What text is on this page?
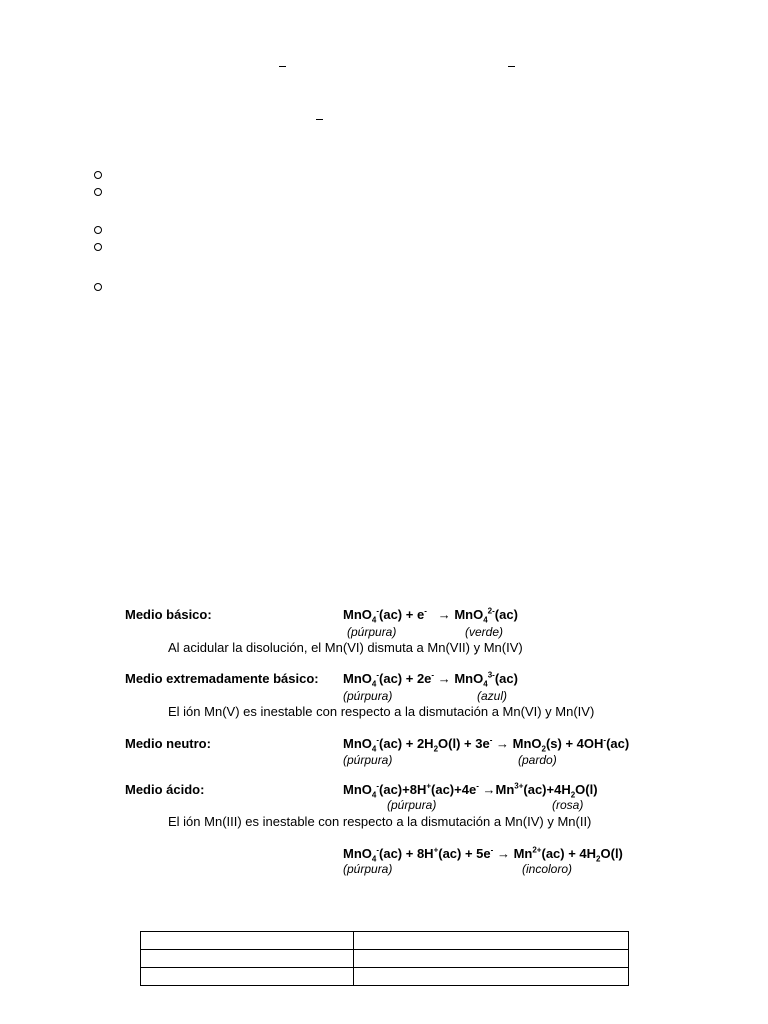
Medio básico:	MnO$_4$-(ac) + e- → MnO$_4^{2-}$(ac)
(púrpura)	(verde)
Al acidular la disolución, el Mn(VI) dismuta a Mn(VII) y Mn(IV)
Medio extremadamente básico: MnO$_4$-(ac) + 2e- → MnO$_4^{3-}$(ac)
(púrpura)	(azul)
El ión Mn(V) es inestable con respecto a la dismutación a Mn(VI) y Mn(IV)
Medio neutro:	$MnO_4^-(ac) + 2H_2O(l) + 3e^- \to MnO_2(s) + 4OH^-(ac)$
(púrpura)	(pardo)
Medio ácido:	$MnO_4^-(ac)+8H^+(ac)+4e^- \to Mn^{3+}(ac)+4H_2O(l)$
(púrpura)	(rosa)
El ión Mn(III) es inestable con respecto a la dismutación a Mn(IV) y Mn(II)
$MnO_4^-(ac) + 8H^+(ac) + 5e^- \to Mn^{2+}(ac) + 4H_2O(l)$
(púrpura)	(incoloro)
